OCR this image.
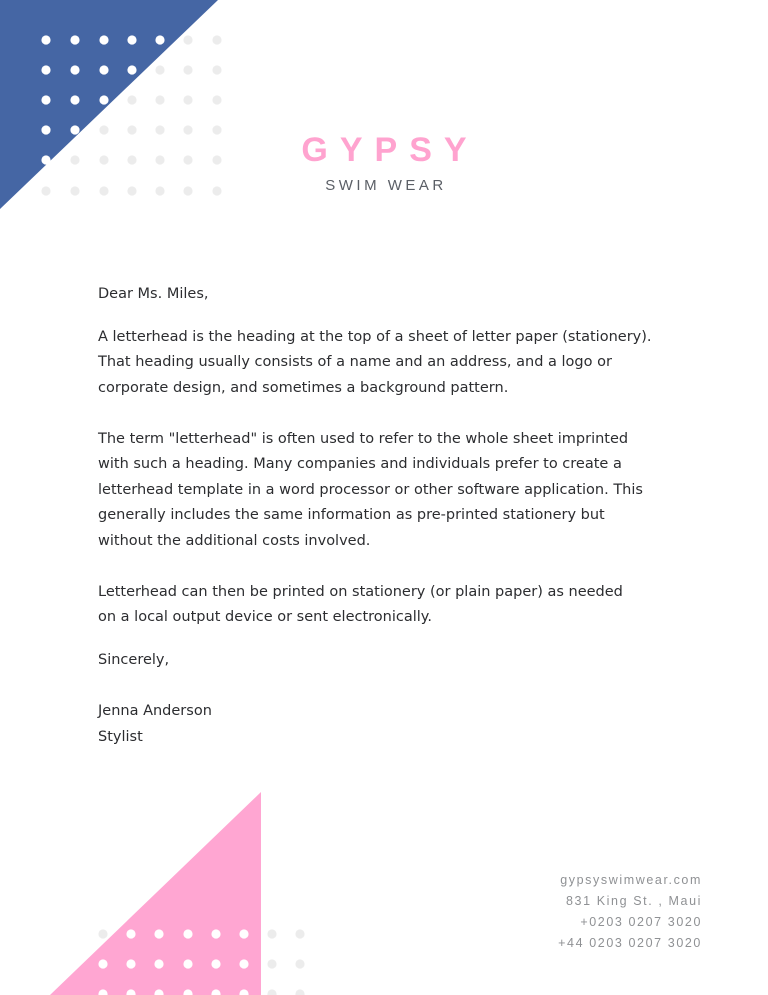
GYPSY
SWIM WEAR

Dear Ms. Miles,

A letterhead is the heading at the top of a sheet of letter paper (stationery). That heading usually consists of a name and an address, and a logo or corporate design, and sometimes a background pattern.

The term "letterhead" is often used to refer to the whole sheet imprinted with such a heading. Many companies and individuals prefer to create a letterhead template in a word processor or other software application. This generally includes the same information as pre-printed stationery but without the additional costs involved.

Letterhead can then be printed on stationery (or plain paper) as needed on a local output device or sent electronically.

Sincerely,

Jenna Anderson

Stylist

gypsyswimwear.com
831 King St. , Maui
+0203 0207 3020
+44 0203 0207 3020
